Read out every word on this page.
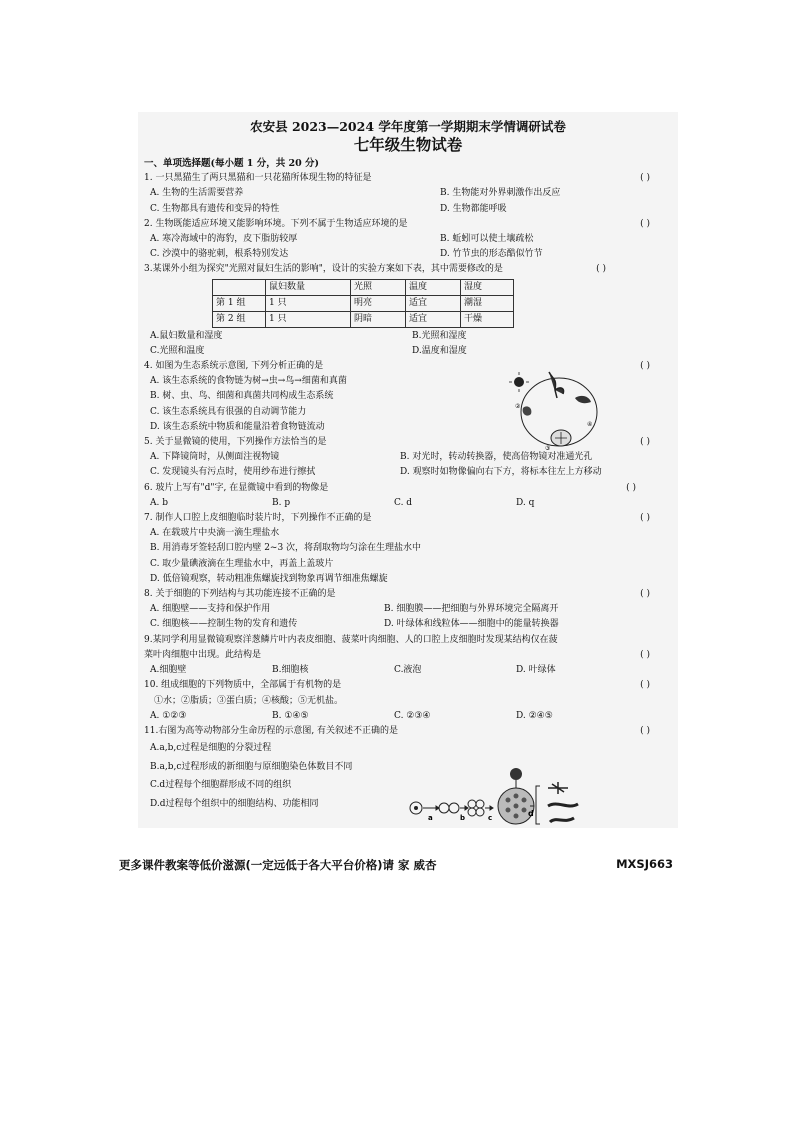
农安县 2023—2024 学年度第一学期期末学情调研试卷
七年级生物试卷
一、单项选择题(每小题 1 分，共 20 分)
1. 一只黑猫生了两只黑猫和一只花猫所体现生物的特征是	( )
A. 生物的生活需要营养	B. 生物能对外界刺激作出反应
C. 生物都具有遗传和变异的特性	D. 生物都能呼吸
2. 生物既能适应环境又能影响环境。下列不属于生物适应环境的是	( )
A. 寒冷海域中的海豹，皮下脂肪较厚	B. 蚯蚓可以使土壤疏松
C. 沙漠中的骆驼刺，根系特别发达	D. 竹节虫的形态酷似竹节
3.某课外小组为探究"光照对鼠妇生活的影响"，设计的实验方案如下表，其中需要修改的是	( )
	鼠妇数量	光照	温度	湿度
第 1 组	1 只	明亮	适宜	潮湿
第 2 组	1 只	阴暗	适宜	干燥
A.鼠妇数量和湿度	B.光照和湿度
C.光照和温度	D.温度和湿度
4. 如图为生态系统示意图, 下列分析正确的是	( )
A. 该生态系统的食物链为树→虫→鸟→细菌和真菌
B. 树、虫、鸟、细菌和真菌共同构成生态系统
C. 该生态系统具有很强的自动调节能力
D. 该生态系统中物质和能量沿着食物链流动
5. 关于显微镜的使用，下列操作方法恰当的是	( )
A. 下降镜筒时，从侧面注视物镜	B. 对光时，转动转换器，使高倍物镜对准通光孔
C. 发现镜头有污点时，使用纱布进行擦拭	D. 观察时如物像偏向右下方，将标本往左上方移动
6. 玻片上写有"d"字, 在显微镜中看到的物像是	( )
A. b	B. p	C. d	D. q
7. 制作人口腔上皮细胞临时装片时，下列操作不正确的是	( )
A. 在载玻片中央滴一滴生理盐水
B. 用消毒牙签轻刮口腔内壁 2~3 次，将刮取物均匀涂在生理盐水中
C. 取少量碘液滴在生理盐水中，再盖上盖玻片
D. 低倍镜观察，转动粗准焦螺旋找到物象再调节细准焦螺旋
8. 关于细胞的下列结构与其功能连接不正确的是	( )
A. 细胞壁——支持和保护作用	B. 细胞膜——把细胞与外界环境完全隔离开
C. 细胞核——控制生物的发育和遗传	D. 叶绿体和线粒体——细胞中的能量转换器
9.某同学利用显微镜观察洋葱鳞片叶内表皮细胞、菠菜叶肉细胞、人的口腔上皮细胞时发现某结构仅在菠
菜叶肉细胞中出现。此结构是	( )
A.细胞壁	B.细胞核	C.液泡	D. 叶绿体
10. 组成细胞的下列物质中，全部属于有机物的是	( )
①水；②脂质；③蛋白质；④核酸；⑤无机盐。
A. ①②③	B. ①④⑤	C. ②③④	D. ②④⑤
11.右图为高等动物部分生命历程的示意图, 有关叙述不正确的是	( )
A.a,b,c过程是细胞的分裂过程
B.a,b,c过程形成的新细胞与原细胞染色体数目不同
C.d过程每个细胞群形成不同的组织
D.d过程每个组织中的细胞结构、功能相同
②
④
③
a	b	c	d
更多课件教案等低价滋源(一定远低于各大平台价格)请 家 威杏	MXSJ663
